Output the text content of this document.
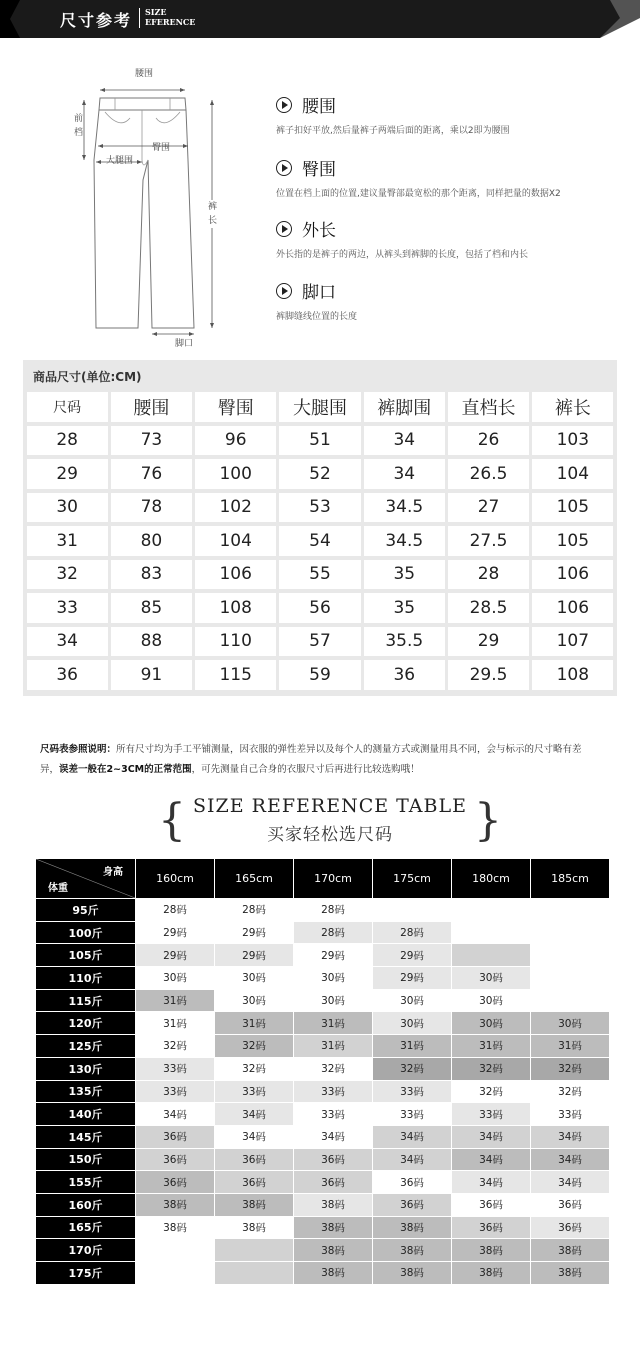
尺寸参考 SIZE
EFERENCE
腰围
前档
臀围
大腿围
裤长
脚口
腰围
裤子扣好平放,然后量裤子两端后面的距离，乘以2即为腰围
臀围
位置在档上面的位置,建议量臀部最宽松的那个距离，同样把量的数据X2
外长
外长指的是裤子的两边，从裤头到裤脚的长度，包括了档和内长
脚口
裤脚缝线位置的长度
商品尺寸(单位:CM)
尺码	腰围	臀围	大腿围	裤脚围	直档长	裤长
28	73	96	51	34	26	103
29	76	100	52	34	26.5	104
30	78	102	53	34.5	27	105
31	80	104	54	34.5	27.5	105
32	83	106	55	35	28	106
33	85	108	56	35	28.5	106
34	88	110	57	35.5	29	107
36	91	115	59	36	29.5	108
尺码表参照说明：所有尺寸均为手工平铺测量，因衣服的弹性差异以及每个人的测量方式或测量用具不同，会与标示的尺寸略有差异，误差一般在2~3CM的正常范围，可先测量自己合身的衣服尺寸后再进行比较选购哦！
{ SIZE REFERENCE TABLE
买家轻松选尺码	}
身高
体重	160cm	165cm	170cm	175cm	180cm	185cm
95斤	28码	28码	28码			
100斤	29码	29码	28码	28码		
105斤	29码	29码	29码	29码		
110斤	30码	30码	30码	29码	30码	
115斤	31码	30码	30码	30码	30码	
120斤	31码	31码	31码	30码	30码	30码
125斤	32码	32码	31码	31码	31码	31码
130斤	33码	32码	32码	32码	32码	32码
135斤	33码	33码	33码	33码	32码	32码
140斤	34码	34码	33码	33码	33码	33码
145斤	36码	34码	34码	34码	34码	34码
150斤	36码	36码	36码	34码	34码	34码
155斤	36码	36码	36码	36码	34码	34码
160斤	38码	38码	38码	36码	36码	36码
165斤	38码	38码	38码	38码	36码	36码
170斤			38码	38码	38码	38码
175斤			38码	38码	38码	38码
